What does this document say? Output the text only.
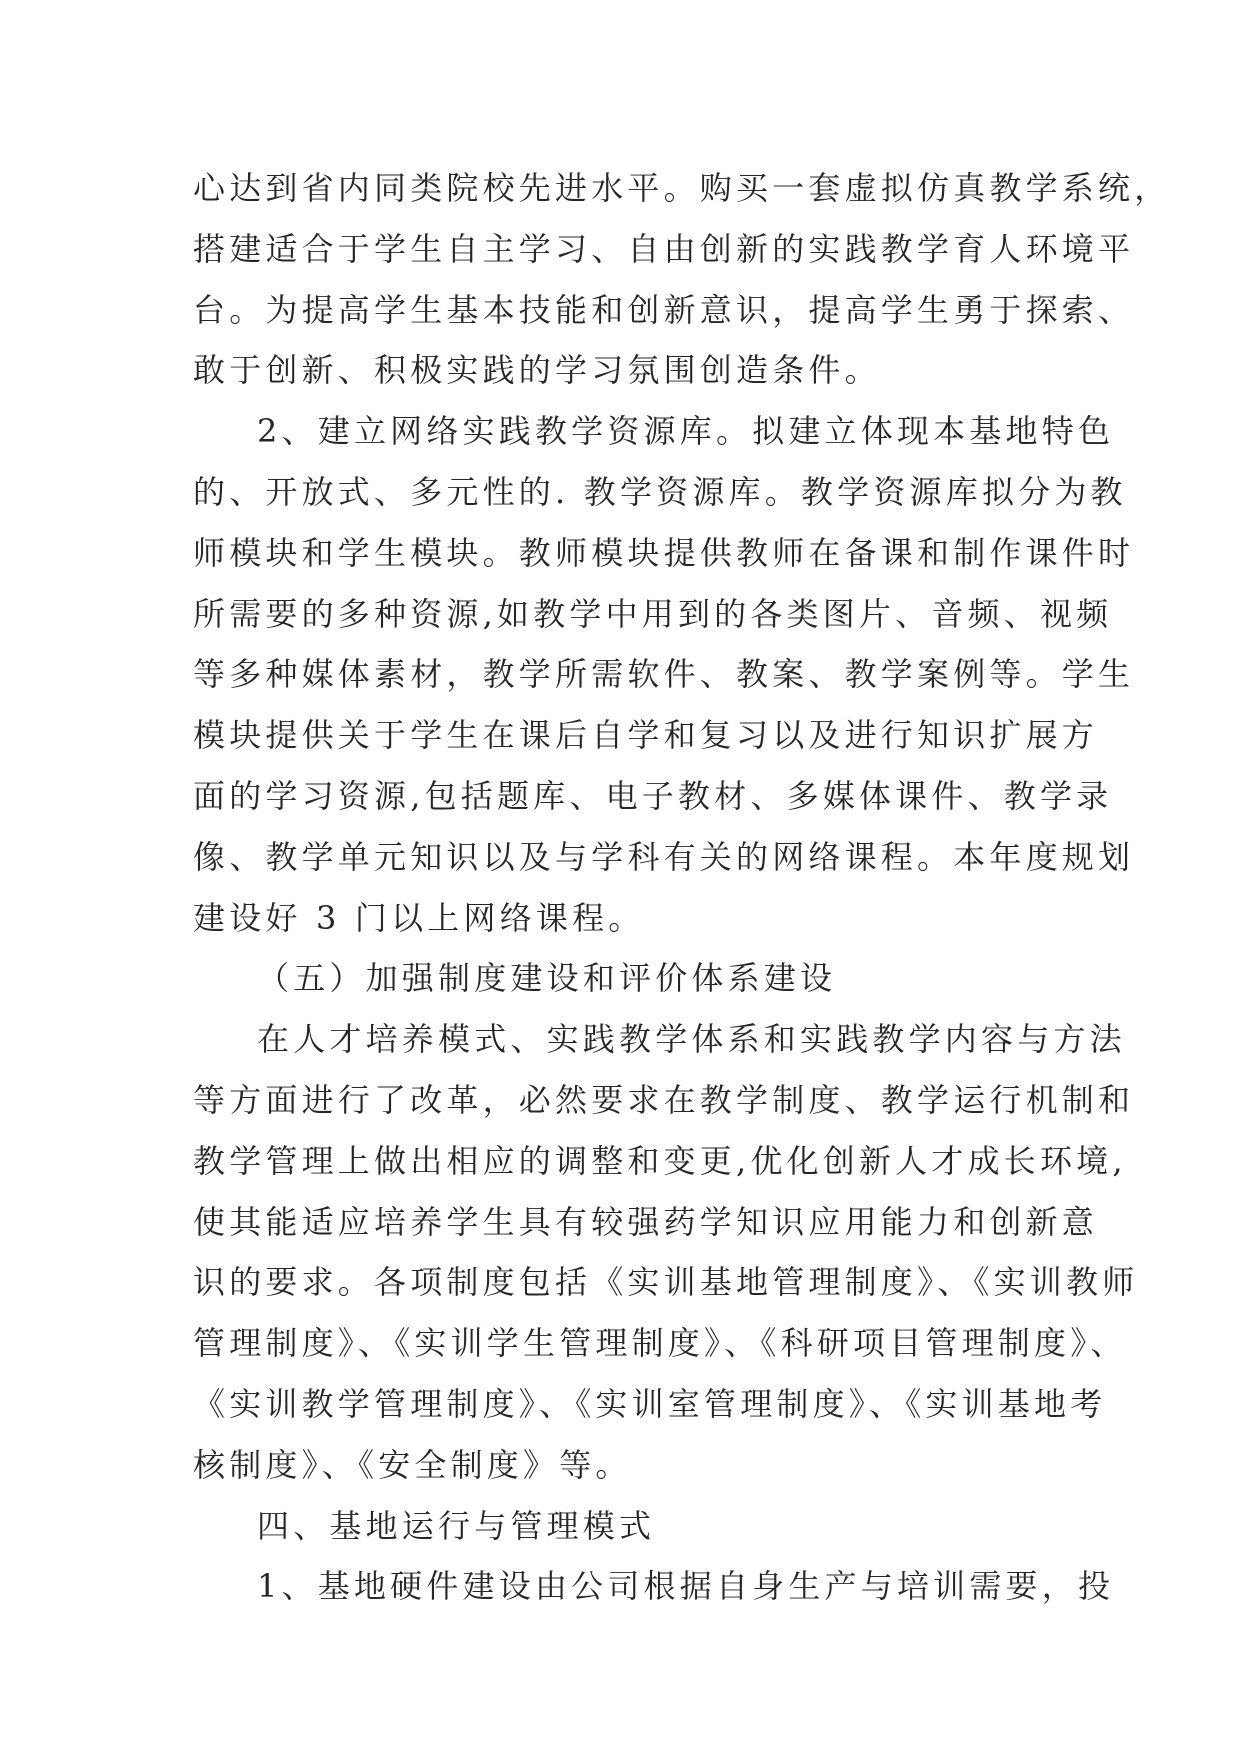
心达到省内同类院校先进水平。购买一套虚拟仿真教学系统，
搭建适合于学生自主学习、自由创新的实践教学育人环境平
台。为提高学生基本技能和创新意识，提高学生勇于探索、
敢于创新、积极实践的学习氛围创造条件。
2、建立网络实践教学资源库。拟建立体现本基地特色
的、开放式、多元性的. 教学资源库。教学资源库拟分为教
师模块和学生模块。教师模块提供教师在备课和制作课件时
所需要的多种资源,如教学中用到的各类图片、音频、视频
等多种媒体素材，教学所需软件、教案、教学案例等。学生
模块提供关于学生在课后自学和复习以及进行知识扩展方
面的学习资源,包括题库、电子教材、多媒体课件、教学录
像、教学单元知识以及与学科有关的网络课程。本年度规划
建设好 3 门以上网络课程。
（五）加强制度建设和评价体系建设
在人才培养模式、实践教学体系和实践教学内容与方法
等方面进行了改革，必然要求在教学制度、教学运行机制和
教学管理上做出相应的调整和变更,优化创新人才成长环境,
使其能适应培养学生具有较强药学知识应用能力和创新意
识的要求。各项制度包括《实训基地管理制度》、《实训教师
管理制度》、《实训学生管理制度》、《科研项目管理制度》、
《实训教学管理制度》、《实训室管理制度》、《实训基地考
核制度》、《安全制度》等。
四、基地运行与管理模式
1、基地硬件建设由公司根据自身生产与培训需要，投
